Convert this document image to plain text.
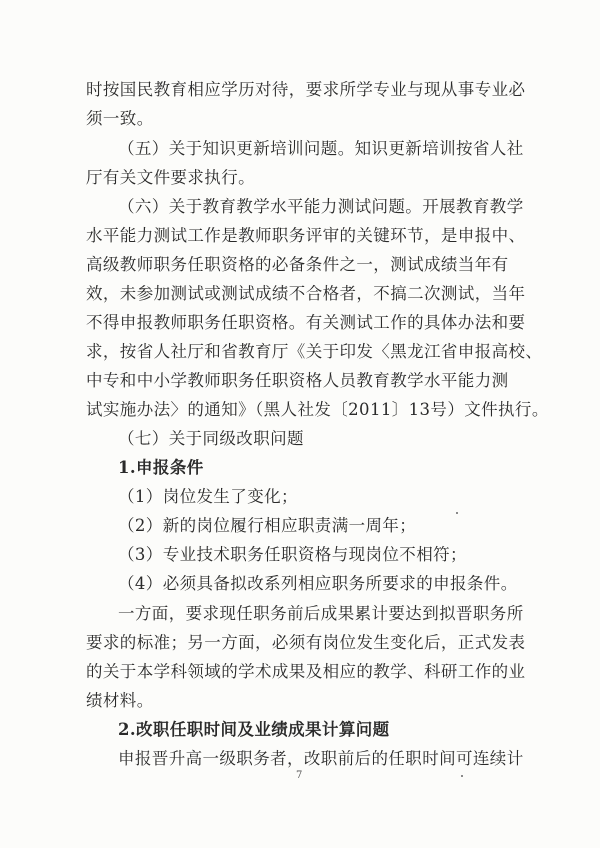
时按国民教育相应学历对待，要求所学专业与现从事专业必
须一致。
（五）关于知识更新培训问题。知识更新培训按省人社
厅有关文件要求执行。
（六）关于教育教学水平能力测试问题。开展教育教学
水平能力测试工作是教师职务评审的关键环节，是申报中、
高级教师职务任职资格的必备条件之一，测试成绩当年有
效，未参加测试或测试成绩不合格者，不搞二次测试，当年
不得申报教师职务任职资格。有关测试工作的具体办法和要
求，按省人社厅和省教育厅《关于印发〈黑龙江省申报高校、
中专和中小学教师职务任职资格人员教育教学水平能力测
试实施办法〉的通知》（黑人社发〔2011〕13号）文件执行。
（七）关于同级改职问题
1.申报条件
（1）岗位发生了变化；
（2）新的岗位履行相应职责满一周年；
（3）专业技术职务任职资格与现岗位不相符；
（4）必须具备拟改系列相应职务所要求的申报条件。
一方面，要求现任职务前后成果累计要达到拟晋职务所
要求的标准；另一方面，必须有岗位发生变化后，正式发表
的关于本学科领域的学术成果及相应的教学、科研工作的业
绩材料。
2.改职任职时间及业绩成果计算问题
申报晋升高一级职务者，改职前后的任职时间可连续计
7
